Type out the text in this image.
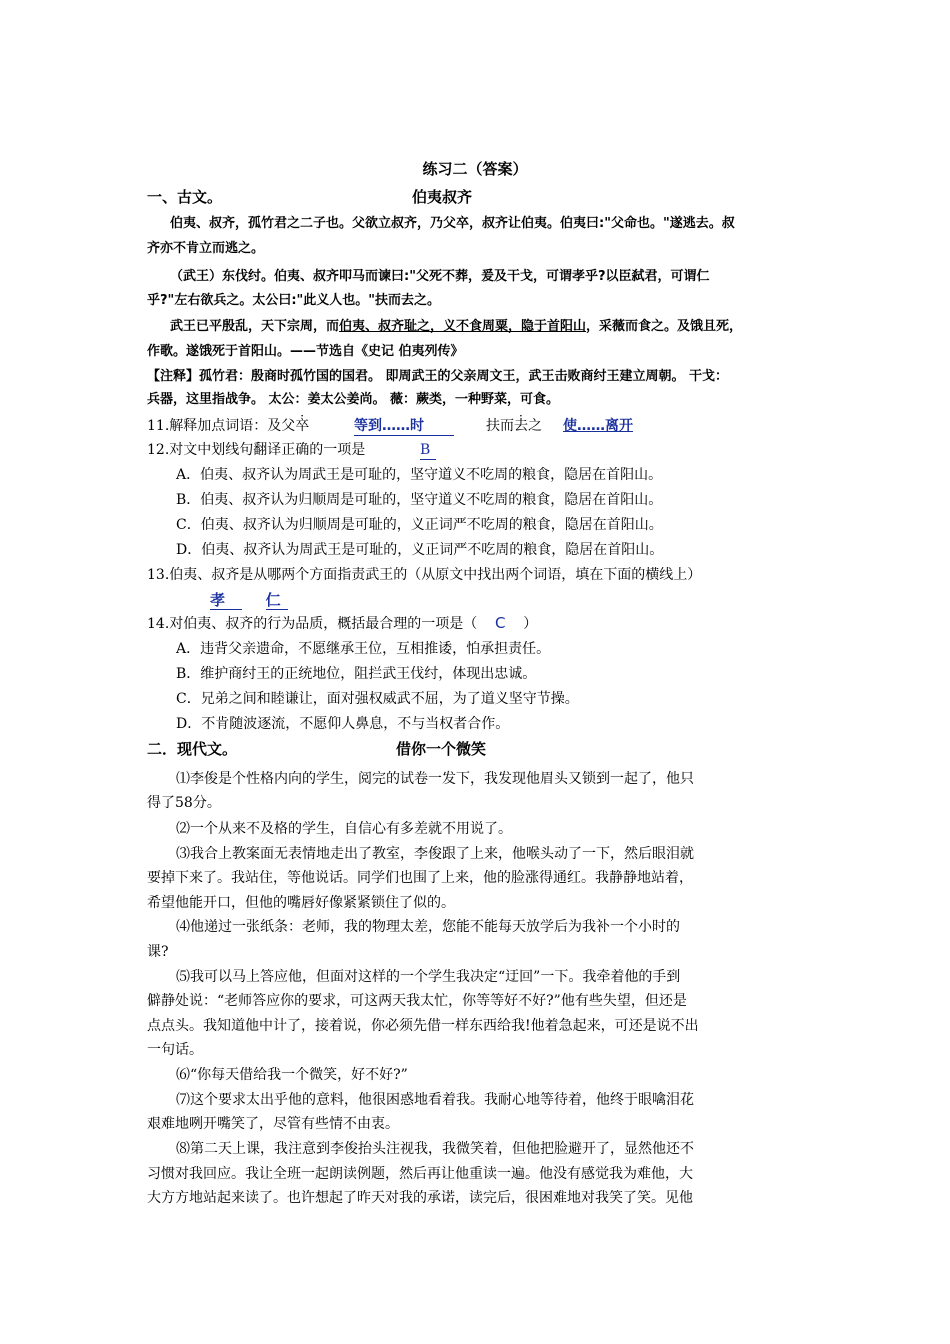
练习二（答案）
一、古文。	伯夷叔齐
伯夷、叔齐，孤竹君之二子也。父欲立叔齐，乃父卒，叔齐让伯夷。伯夷曰:"父命也。"遂逃去。叔
齐亦不肯立而逃之。
（武王）东伐纣。伯夷、叔齐叩马而谏曰:"父死不葬，爰及干戈，可谓孝乎?以臣弑君，可谓仁
乎?"左右欲兵之。太公曰:"此义人也。"扶而去之。
武王已平殷乱，天下宗周，而伯夷、叔齐耻之，义不食周粟，隐于首阳山，采薇而食之。及饿且死，
作歌。遂饿死于首阳山。——节选自《史记 伯夷列传》
【注释】孤竹君：殷商时孤竹国的国君。 即周武王的父亲周文王，武王击败商纣王建立周朝。 干戈：
兵器，这里指战争。 太公：姜太公姜尚。 薇：蕨类，一种野菜，可食。
11.解释加点词语：及父卒	等到……时	扶而去之 使……离开
12.对文中划线句翻译正确的一项是	B
A．伯夷、叔齐认为周武王是可耻的，坚守道义不吃周的粮食，隐居在首阳山。
B．伯夷、叔齐认为归顺周是可耻的，坚守道义不吃周的粮食，隐居在首阳山。
C．伯夷、叔齐认为归顺周是可耻的，义正词严不吃周的粮食，隐居在首阳山。
D．伯夷、叔齐认为周武王是可耻的，义正词严不吃周的粮食，隐居在首阳山。
13.伯夷、叔齐是从哪两个方面指责武王的（从原文中找出两个词语，填在下面的横线上）
孝	仁
14.对伯夷、叔齐的行为品质，概括最合理的一项是（ C ）
A．违背父亲遗命，不愿继承王位，互相推诿，怕承担责任。
B．维护商纣王的正统地位，阻拦武王伐纣，体现出忠诚。
C．兄弟之间和睦谦让，面对强权威武不屈，为了道义坚守节操。
D．不肯随波逐流，不愿仰人鼻息，不与当权者合作。
二．现代文。	借你一个微笑
⑴李俊是个性格内向的学生，阅完的试卷一发下，我发现他眉头又锁到一起了，他只
得了58分。
⑵一个从来不及格的学生，自信心有多差就不用说了。
⑶我合上教案面无表情地走出了教室，李俊跟了上来，他喉头动了一下，然后眼泪就
要掉下来了。我站住，等他说话。同学们也围了上来，他的脸涨得通红。我静静地站着，
希望他能开口，但他的嘴唇好像紧紧锁住了似的。
⑷他递过一张纸条：老师，我的物理太差，您能不能每天放学后为我补一个小时的
课?
⑸我可以马上答应他，但面对这样的一个学生我决定“迂回”一下。我牵着他的手到
僻静处说：“老师答应你的要求，可这两天我太忙，你等等好不好?”他有些失望，但还是
点点头。我知道他中计了，接着说，你必须先借一样东西给我!他着急起来，可还是说不出
一句话。
⑹“你每天借给我一个微笑，好不好?”
⑺这个要求太出乎他的意料，他很困惑地看着我。我耐心地等待着，他终于眼噙泪花
艰难地咧开嘴笑了，尽管有些情不由衷。
⑻第二天上课，我注意到李俊抬头注视我，我微笑着，但他把脸避开了，显然他还不
习惯对我回应。我让全班一起朗读例题，然后再让他重读一遍。他没有感觉我为难他，大
大方方地站起来读了。也许想起了昨天对我的承诺，读完后，很困难地对我笑了笑。见他
